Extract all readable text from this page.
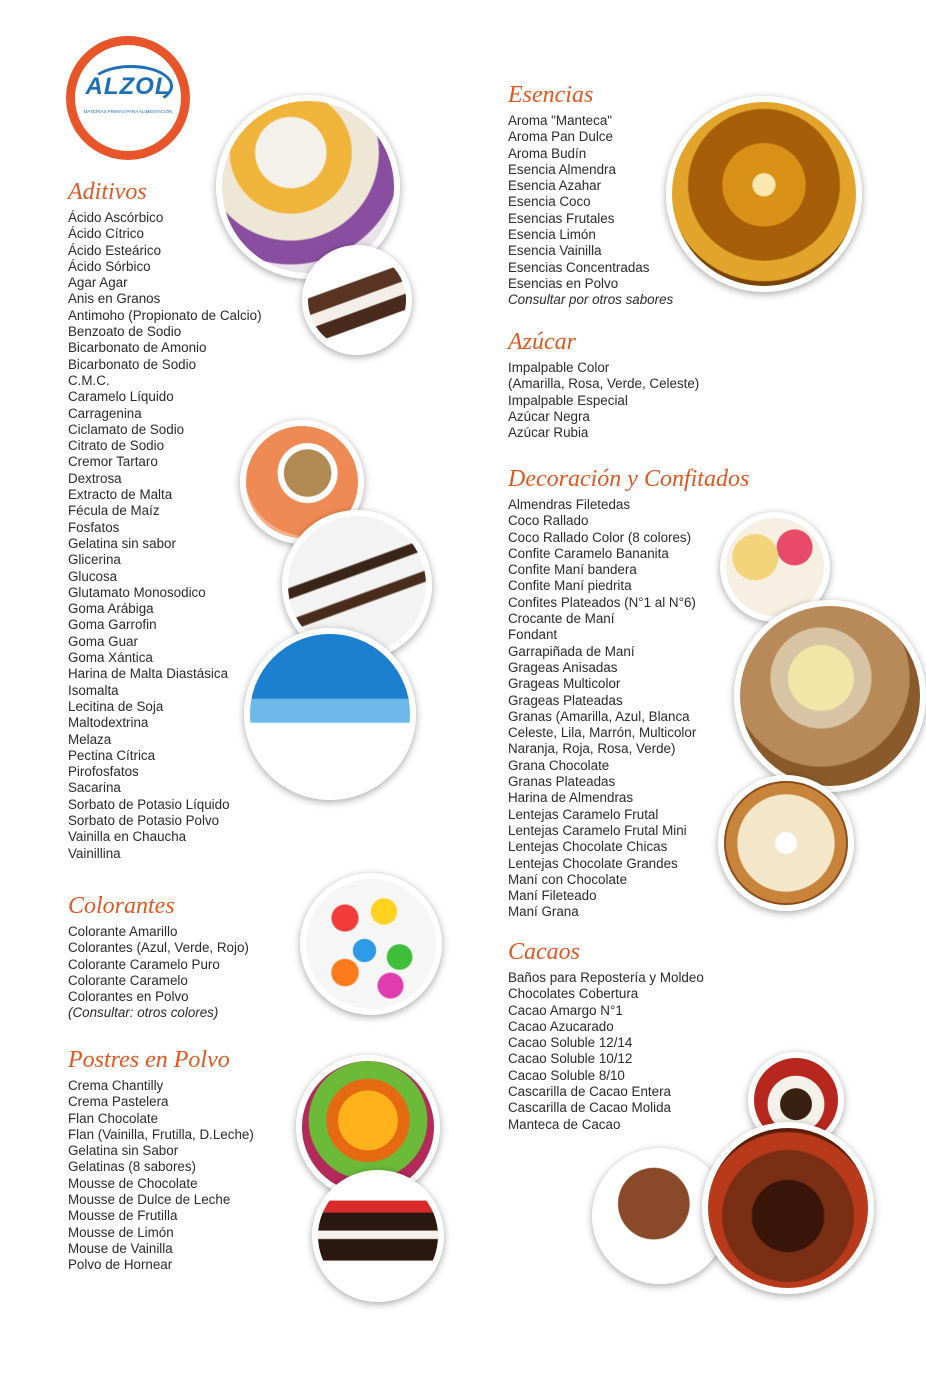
ALZOL
MATERIAS PRIMAS PARA ALIMENTACIÓN
Aditivos
Ácido Ascórbico
Ácido Cítrico
Ácido Esteárico
Ácido Sórbico
Agar Agar
Anis en Granos
Antimoho (Propionato de Calcio)
Benzoato de Sodio
Bicarbonato de Amonio
Bicarbonato de Sodio
C.M.C.
Caramelo Líquido
Carragenina
Ciclamato de Sodio
Citrato de Sodio
Cremor Tartaro
Dextrosa
Extracto de Malta
Fécula de Maíz
Fosfatos
Gelatina sin sabor
Glicerina
Glucosa
Glutamato Monosodico
Goma Arábiga
Goma Garrofin
Goma Guar
Goma Xántica
Harina de Malta Diastásica
Isomalta
Lecitina de Soja
Maltodextrina
Melaza
Pectina Cítrica
Pirofosfatos
Sacarina
Sorbato de Potasio Líquido
Sorbato de Potasio Polvo
Vainilla en Chaucha
Vainillina
Colorantes
Colorante Amarillo
Colorantes (Azul, Verde, Rojo)
Colorante Caramelo Puro
Colorante Caramelo
Colorantes en Polvo
(Consultar: otros colores)
Postres en Polvo
Crema Chantilly
Crema Pastelera
Flan Chocolate
Flan (Vainilla, Frutilla, D.Leche)
Gelatina sin Sabor
Gelatinas (8 sabores)
Mousse de Chocolate
Mousse de Dulce de Leche
Mousse de Frutilla
Mousse de Limón
Mouse de Vainilla
Polvo de Hornear
Esencias
Aroma "Manteca"
Aroma Pan Dulce
Aroma Budín
Esencia Almendra
Esencia Azahar
Esencia Coco
Esencias Frutales
Esencia Limón
Esencia Vainilla
Esencias Concentradas
Esencias en Polvo
Consultar por otros sabores
Azúcar
Impalpable Color
(Amarilla, Rosa, Verde, Celeste)
Impalpable Especial
Azúcar Negra
Azúcar Rubia
Decoración y Confitados
Almendras Filetedas
Coco Rallado
Coco Rallado Color (8 colores)
Confite Caramelo Bananita
Confite Maní bandera
Confite Maní piedrita
Confites Plateados (N°1 al N°6)
Crocante de Maní
Fondant
Garrapiñada de Maní
Grageas Anisadas
Grageas Multicolor
Grageas Plateadas
Granas (Amarilla, Azul, Blanca
Celeste, Lila, Marrón, Multicolor
Naranja, Roja, Rosa, Verde)
Grana Chocolate
Granas Plateadas
Harina de Almendras
Lentejas Caramelo Frutal
Lentejas Caramelo Frutal Mini
Lentejas Chocolate Chicas
Lentejas Chocolate Grandes
Maní con Chocolate
Maní Fileteado
Maní Grana
Cacaos
Baños para Repostería y Moldeo
Chocolates Cobertura
Cacao Amargo N°1
Cacao Azucarado
Cacao Soluble 12/14
Cacao Soluble 10/12
Cacao Soluble 8/10
Cascarilla de Cacao Entera
Cascarilla de Cacao Molida
Manteca de Cacao
